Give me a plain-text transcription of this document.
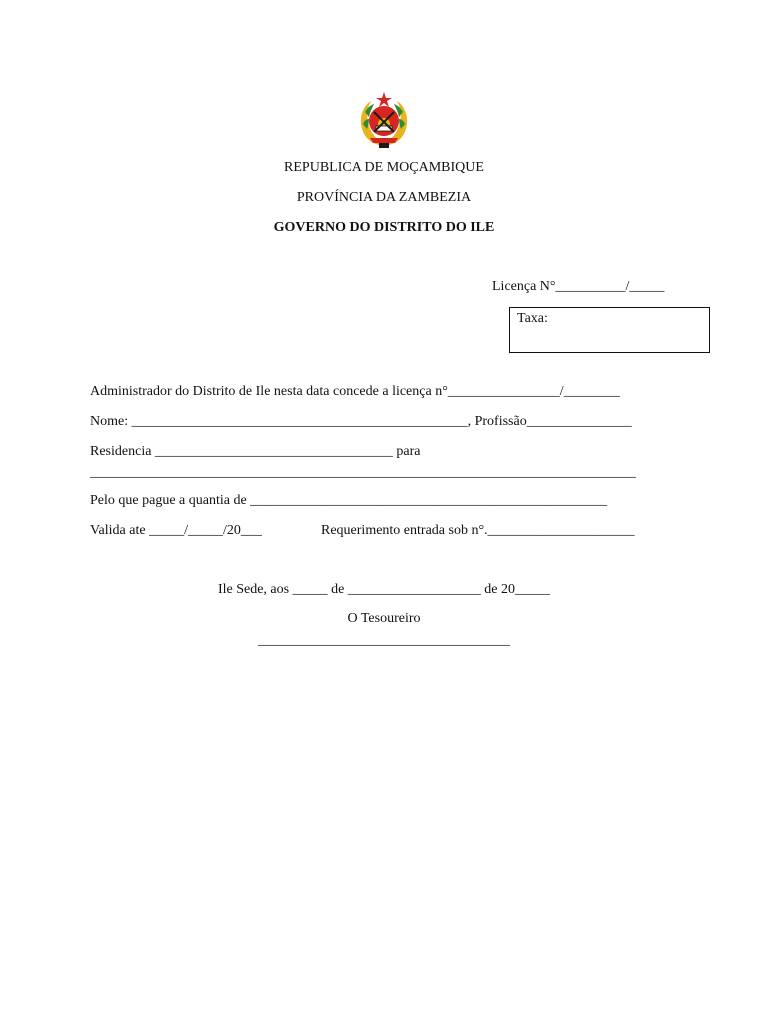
REPUBLICA DE MOÇAMBIQUE
PROVÍNCIA DA ZAMBEZIA
GOVERNO DO DISTRITO DO ILE
Licença N°__________/_____
Taxa:
Administrador do Distrito de Ile nesta data concede a licença n°________________/________
Nome: ________________________________________________, Profissão_______________
Residencia __________________________________ para
______________________________________________________________________________
Pelo que pague a quantia de ___________________________________________________
Valida ate _____/_____/20___	Requerimento entrada sob n°._____________________
Ile Sede, aos _____ de ___________________ de 20_____
O Tesoureiro
____________________________________
